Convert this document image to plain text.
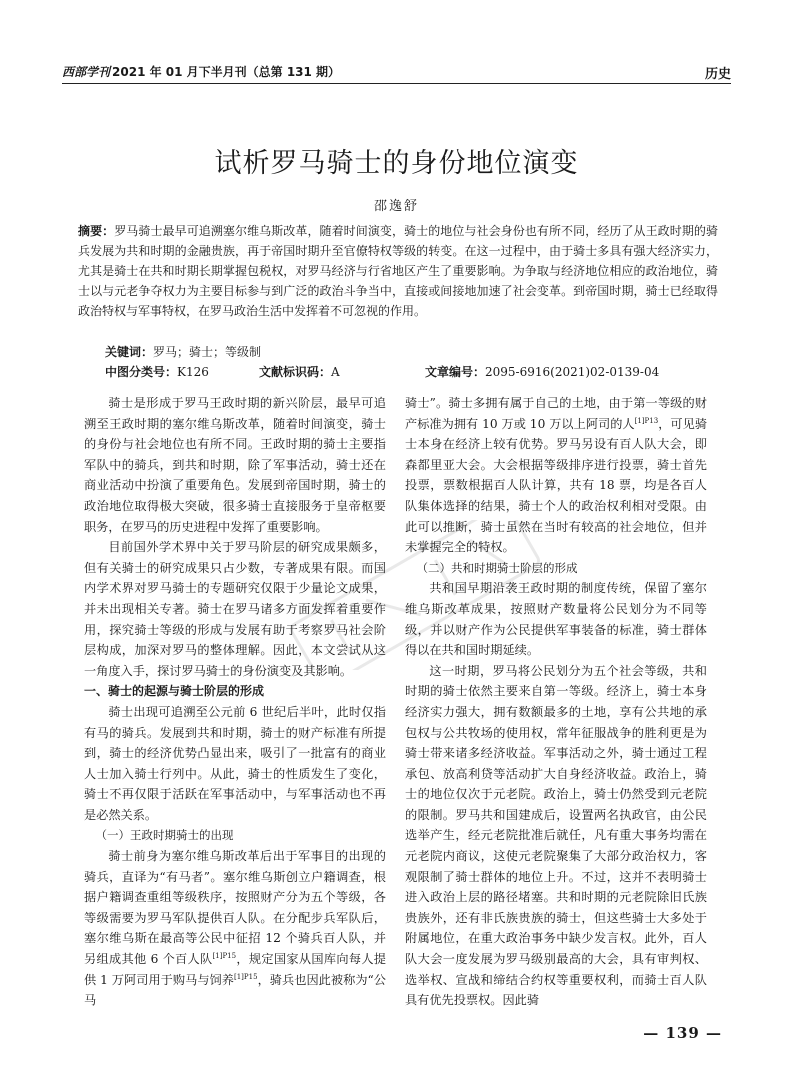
西部学刊 2021 年 01 月下半月刊（总第 131 期）	历史
试析罗马骑士的身份地位演变
邵逸舒
摘要：罗马骑士最早可追溯塞尔维乌斯改革，随着时间演变，骑士的地位与社会身份也有所不同，经历了从王政时期的骑兵发展为共和时期的金融贵族，再于帝国时期升至官僚特权等级的转变。在这一过程中，由于骑士多具有强大经济实力，尤其是骑士在共和时期长期掌握包税权，对罗马经济与行省地区产生了重要影响。为争取与经济地位相应的政治地位，骑士以与元老争夺权力为主要目标参与到广泛的政治斗争当中，直接或间接地加速了社会变革。到帝国时期，骑士已经取得政治特权与军事特权，在罗马政治生活中发挥着不可忽视的作用。
关键词：罗马；骑士；等级制
中图分类号：K126	文献标识码：A	文章编号：2095-6916(2021)02-0139-04

骑士是形成于罗马王政时期的新兴阶层，最早可追溯至王政时期的塞尔维乌斯改革，随着时间演变，骑士的身份与社会地位也有所不同。王政时期的骑士主要指军队中的骑兵，到共和时期，除了军事活动，骑士还在商业活动中扮演了重要角色。发展到帝国时期，骑士的政治地位取得极大突破，很多骑士直接服务于皇帝枢要职务，在罗马的历史进程中发挥了重要影响。

目前国外学术界中关于罗马阶层的研究成果颇多，但有关骑士的研究成果只占少数，专著成果有限。而国内学术界对罗马骑士的专题研究仅限于少量论文成果，并未出现相关专著。骑士在罗马诸多方面发挥着重要作用，探究骑士等级的形成与发展有助于考察罗马社会阶层构成，加深对罗马的整体理解。因此，本文尝试从这一角度入手，探讨罗马骑士的身份演变及其影响。

一、骑士的起源与骑士阶层的形成

骑士出现可追溯至公元前 6 世纪后半叶，此时仅指有马的骑兵。发展到共和时期，骑士的财产标准有所提到，骑士的经济优势凸显出来，吸引了一批富有的商业人士加入骑士行列中。从此，骑士的性质发生了变化，骑士不再仅限于活跃在军事活动中，与军事活动也不再是必然关系。

（一）王政时期骑士的出现

骑士前身为塞尔维乌斯改革后出于军事目的出现的骑兵，直译为“有马者”。塞尔维乌斯创立户籍调查，根据户籍调查重组等级秩序，按照财产分为五个等级，各等级需要为罗马军队提供百人队。在分配步兵军队后，塞尔维乌斯在最高等公民中征招 12 个骑兵百人队，并另组成其他 6 个百人队$^{[1]P15}$，规定国家从国库向每人提供 1 万阿司用于购马与饲养$^{[1]P15}$，骑兵也因此被称为“公马

骑士”。骑士多拥有属于自己的土地，由于第一等级的财产标准为拥有 10 万或 10 万以上阿司的人$^{[1]P13}$，可见骑士本身在经济上较有优势。罗马另设有百人队大会，即森都里亚大会。大会根据等级排序进行投票，骑士首先投票，票数根据百人队计算，共有 18 票，均是各百人队集体选择的结果，骑士个人的政治权利相对受限。由此可以推断，骑士虽然在当时有较高的社会地位，但并未掌握完全的特权。

（二）共和时期骑士阶层的形成

共和国早期沿袭王政时期的制度传统，保留了塞尔维乌斯改革成果，按照财产数量将公民划分为不同等级，并以财产作为公民提供军事装备的标准，骑士群体得以在共和国时期延续。

这一时期，罗马将公民划分为五个社会等级，共和时期的骑士依然主要来自第一等级。经济上，骑士本身经济实力强大，拥有数额最多的土地，享有公共地的承包权与公共牧场的使用权，常年征服战争的胜利更是为骑士带来诸多经济收益。军事活动之外，骑士通过工程承包、放高利贷等活动扩大自身经济收益。政治上，骑士的地位仅次于元老院。政治上，骑士仍然受到元老院的限制。罗马共和国建成后，设置两名执政官，由公民选举产生，经元老院批准后就任，凡有重大事务均需在元老院内商议，这使元老院聚集了大部分政治权力，客观限制了骑士群体的地位上升。不过，这并不表明骑士进入政治上层的路径堵塞。共和时期的元老院除旧氏族贵族外，还有非氏族贵族的骑士，但这些骑士大多处于附属地位，在重大政治事务中缺少发言权。此外，百人队大会一度发展为罗马级别最高的大会，具有审判权、选举权、宣战和缔结合约权等重要权利，而骑士百人队具有优先投票权。因此骑

— 139 —
